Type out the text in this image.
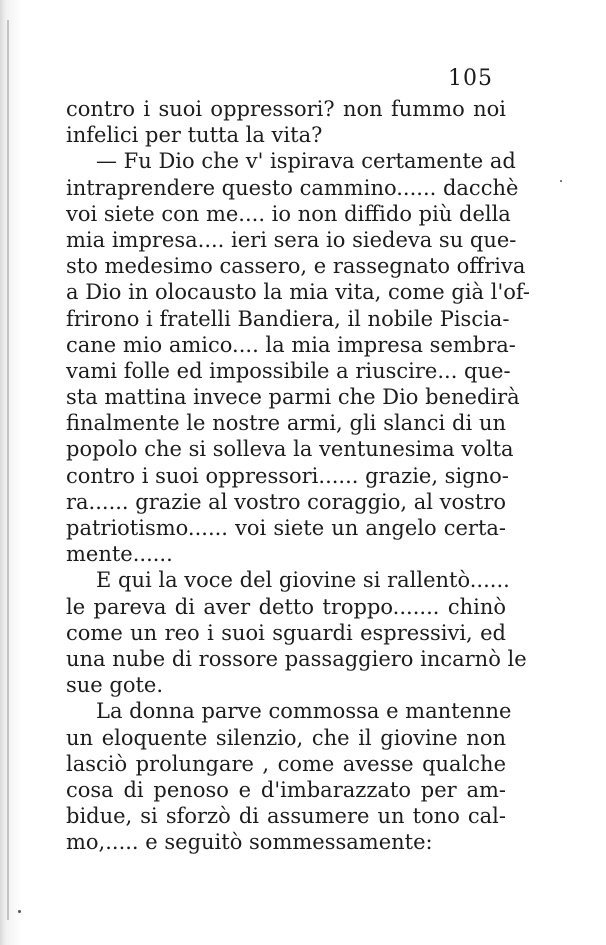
105
contro i suoi oppressori? non fummo noi
infelici per tutta la vita?
— Fu Dio che v' ispirava certamente ad
intraprendere questo cammino...... dacchè
voi siete con me.... io non diffido più della
mia impresa.... ieri sera io siedeva su que-
sto medesimo cassero, e rassegnato offriva
a Dio in olocausto la mia vita, come già l'of-
frirono i fratelli Bandiera, il nobile Piscia-
cane mio amico.... la mia impresa sembra-
vami folle ed impossibile a riuscire... que-
sta mattina invece parmi che Dio benedirà
finalmente le nostre armi, gli slanci di un
popolo che si solleva la ventunesima volta
contro i suoi oppressori...... grazie, signo-
ra...... grazie al vostro coraggio, al vostro
patriotismo...... voi siete un angelo certa-
mente......
E qui la voce del giovine si rallentò......
le pareva di aver detto troppo....... chinò
come un reo i suoi sguardi espressivi, ed
una nube di rossore passaggiero incarnò le
sue gote.
La donna parve commossa e mantenne
un eloquente silenzio, che il giovine non
lasciò prolungare , come avesse qualche
cosa di penoso e d'imbarazzato per am-
bidue, si sforzò di assumere un tono cal-
mo,..... e seguitò sommessamente:
